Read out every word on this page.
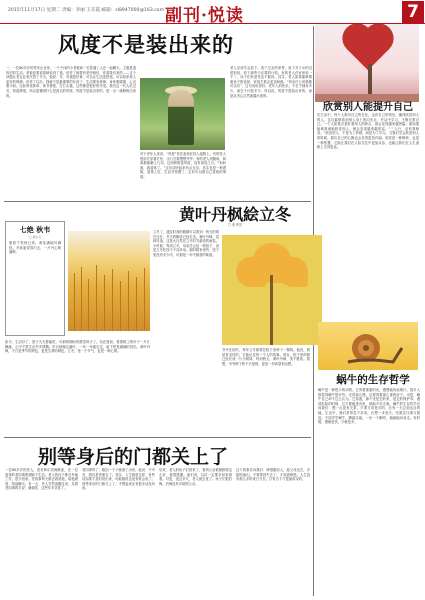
2015年11月17日 星期二 责编：李丽 王东霞 邮箱：sl8947000@163.com 副刊·悦读	7
风度不是装出来的
一、一位80多岁的老年企业家，一个个体的小老板和一位普通工人在一起聊天。主题是退休后的生活。老板说着说着就说到了钱，说老了就要有老伴相伴，你看我们家的……这个问题让老企业家沉思了半天。他说：对，有钱是好事，可以让生活更舒适，可以给家里人更好的保障。但老了以后，钱就不是最重要的东西了。生活要有规律，身体要健康，心态要平和。比如养花种草、读书看报、打打太极，这些都是很好的享受。我们这一代人吃过苦，知道珍惜，所以更懂得什么是真正的风度。风度不是装出来的，是一点一滴修炼出来的。
对于老年人来说，“风度”首先表现在待人接物上。有的老人很讲究穿着打扮，出门总要整整齐齐；有的老人则随和，和谁都能聊上几句。这两种都是风度，没有高低之分。“别问我，我退休了。”这句话听起来有点无奈，其实也是一种洒脱。退休之后，生活节奏慢了，正好可以做自己喜欢的事情。
老人应该学会放下。放下过去的荣誉，放下对子女的过度担忧，放下那些不必要的计较。有的老人在家里说一不二，孩子们有意见也不敢说。其实，老人如果能够尊重孩子的选择，家庭关系会更加和睦。“快乐什么时候都可以有”，这句话说得好。老年人的快乐，不在于拥有多少，而在于计较多少。所以说，风度不是装出来的，而是从内心自然流露出来的。
欣赏别人能提升自己
在生活中，每个人都有自己的长处，也有自己的短处。懂得欣赏别人的人，往往能够看到别人身上的闪光点，并从中学习，不断完善自己。一个人如果总是盯着别人的缺点，就会变得越来越狭隘；而如果能够真诚地欣赏别人，就会变得越来越宽容。“三人行，必有我师焉。”欣赏别人，不是为了恭维，而是为了学习。当我们学会欣赏别人的时候，我们自己的心胸也会变得更加开阔。欣赏是一种修养，也是一种智慧。它能让我们在人际交往中更加从容，也能让我们在人生道路上走得更远。
七绝 秋韦
□ 刘少义
夏热不觉秋已到，黄花满地叶满枝。冬寒遥望春归去，一片丹心映落晖。
黄叶丹枫絵立冬
□ 张秀芳
立冬了，通过时间的眼睛可以看到：秋天的尾巴还在，冬天的脚步已经走近。黄叶丹枫，层林尽染，这是大自然在立冬时节最美的画卷。小时候，每到立冬，母亲总会包一顿饺子，说是立冬吃饺子不冻耳朵。那时候家里穷，饺子里没有多少肉，可那是一年中最香的味道。
如今，生活好了，饺子天天都能吃，可那种期盼的感觉却少了。站在窗前，看着树上的叶子一片片飘落，心中不禁生出许多感慨。岁月就像这落叶，一年一年地走过，留下的是满满的回忆。黄叶丹枫，不只是季节的颜色，更是生命的颜色。立冬，是一个节气，也是一种心情。	爷爷在世时，每年立冬都要在院子里种下一棵树。他说，树是有灵性的，它能记住每一个人的故事。现在，院子里的树已经长成一片小树林，每到秋天，黄叶丹枫，美不胜收。我想，爷爷种下的不只是树，更是一份希望和念想。
蜗牛的生存哲学
蜗牛是一种很小的动物，它背着重重的壳，慢慢地向前爬行。很多人都觉得蜗牛很可怜，走得那么慢，还要背着那么重的房子。可是，蜗牛自己却不这么认为。它知道，那个壳是它的家，是它的保护伞。遇到危险的时候，它只要缩进壳里，就能平安无事。蜗牛的生存哲学告诉我们：慢一点没有关系，只要方向是对的，总有一天会到达目的地。生活中，我们常常急于求成，总想一步登天，结果往往事与愿违。不如学学蜗牛，脚踏实地，一步一个脚印，稳稳地向前走。有时候，慢就是快，少就是多。
别等身后的门都关上了
一位80多岁的老人，患有阿尔茨海默症，在一位退休的老同事的照顾下生活。老人的孩子都在外地工作，很少回家。老同事每天都去看望他，给他做饭、陪他聊天。有一天，老人突然清醒过来，拉着老同事的手说：谢谢你，这些年辛苦你了。
老同事听了，眼泪一下子就流了出来。他说：不辛苦，我们是老朋友了。其实，人生就是这样，有些话如果不及时说出来，可能就再也没有机会说了。别等身后的门都关上了，才想起来还有很多话没有说。
后来，老人的孩子们回来了，看到父亲被照顾得这么好，都很感激。他们说，以后一定要多回家看看。可是，没过多久，老人就去世了。孩子们很后悔，后悔没有多陪陪父亲。
这个故事告诉我们：珍惜眼前人，趁父母还在，多陪陪他们。不要等到失去了，才知道珍惜。人生没有那么多的来日方长，只有当下才是最真实的。
